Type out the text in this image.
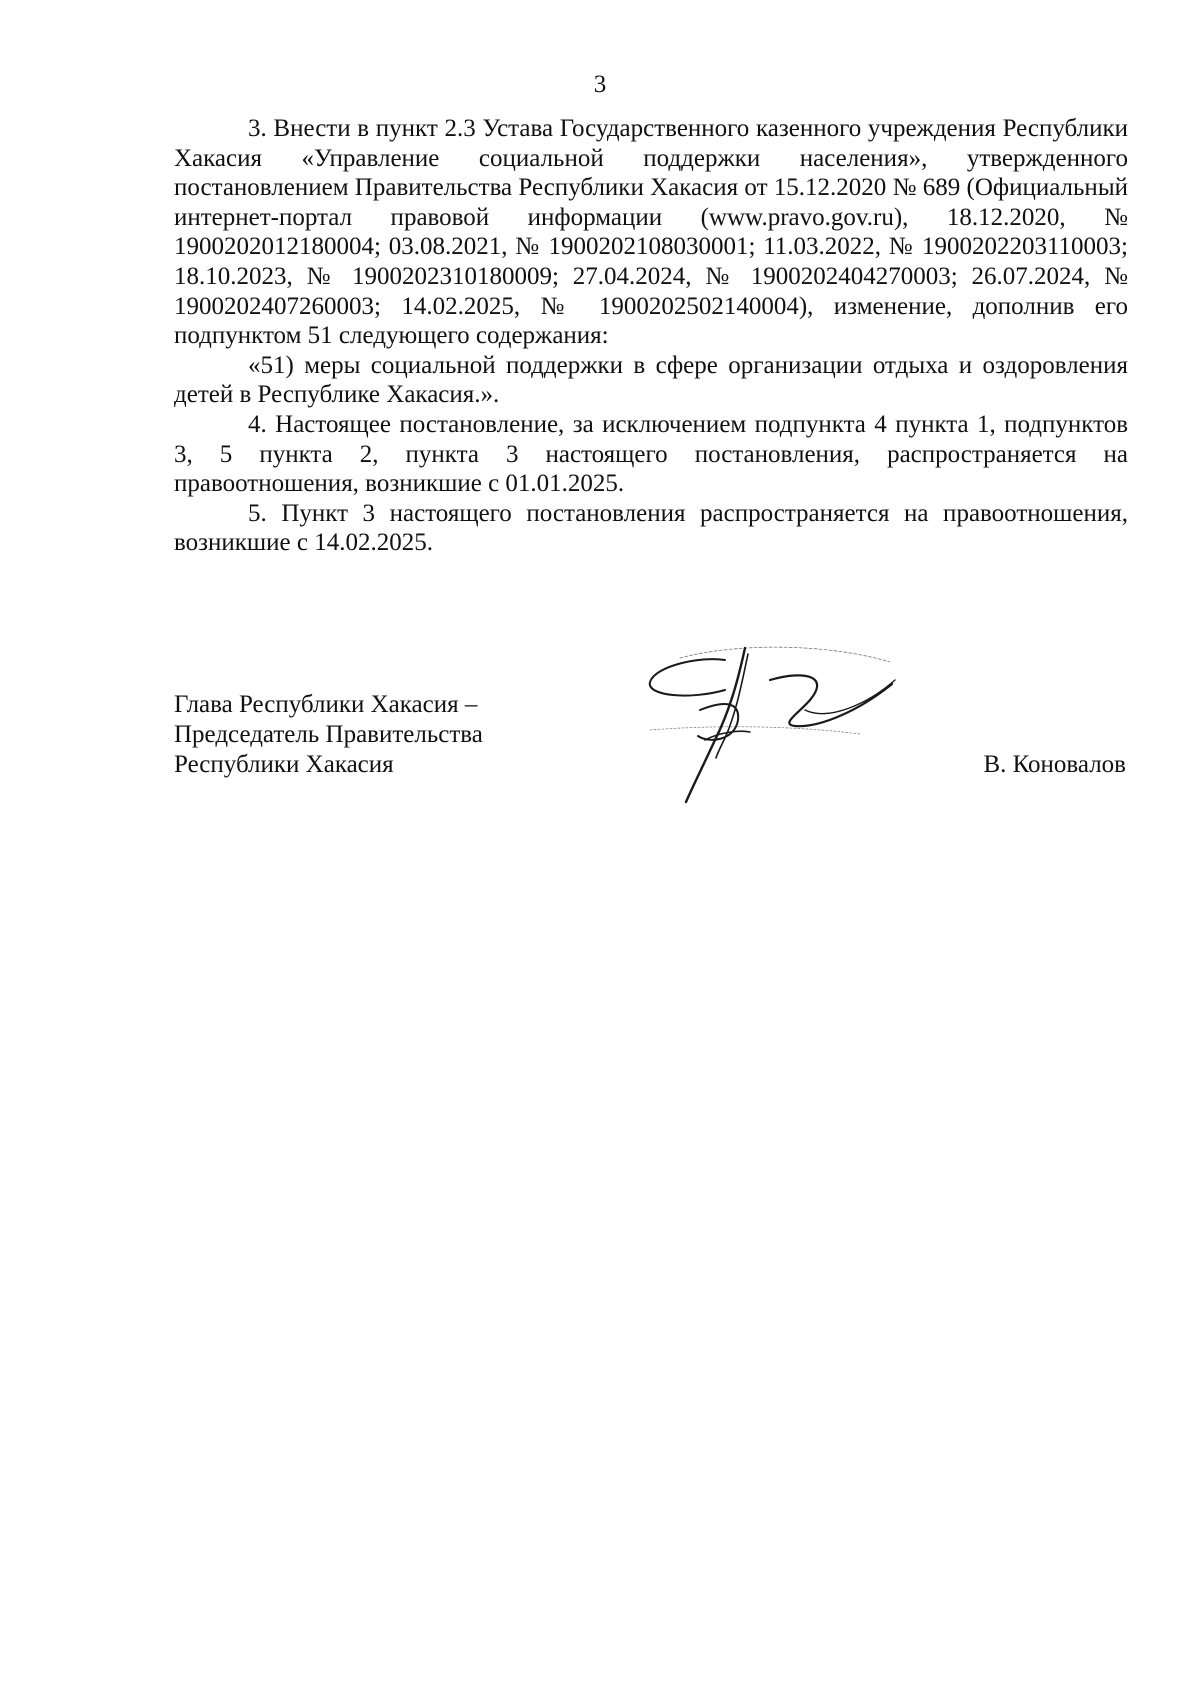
3

3. Внести в пункт 2.3 Устава Государственного казенного учреждения Республики Хакасия «Управление социальной поддержки населения», утвержденного постановлением Правительства Республики Хакасия от 15.12.2020 № 689 (Официальный интернет-портал правовой информации (www.pravo.gov.ru), 18.12.2020, № 1900202012180004; 03.08.2021, № 1900202108030001; 11.03.2022, № 1900202203110003; 18.10.2023, № 1900202310180009; 27.04.2024, № 1900202404270003; 26.07.2024, № 1900202407260003; 14.02.2025, № 1900202502140004), изменение, дополнив его подпунктом 51 следующего содержания:

«51) меры социальной поддержки в сфере организации отдыха и оздоровления детей в Республике Хакасия.».

4. Настоящее постановление, за исключением подпункта 4 пункта 1, подпунктов 3, 5 пункта 2, пункта 3 настоящего постановления, распространяется на правоотношения, возникшие с 01.01.2025.

5. Пункт 3 настоящего постановления распространяется на правоотношения, возникшие с 14.02.2025.

Глава Республики Хакасия –
Председатель Правительства
Республики Хакасия	В. Коновалов
